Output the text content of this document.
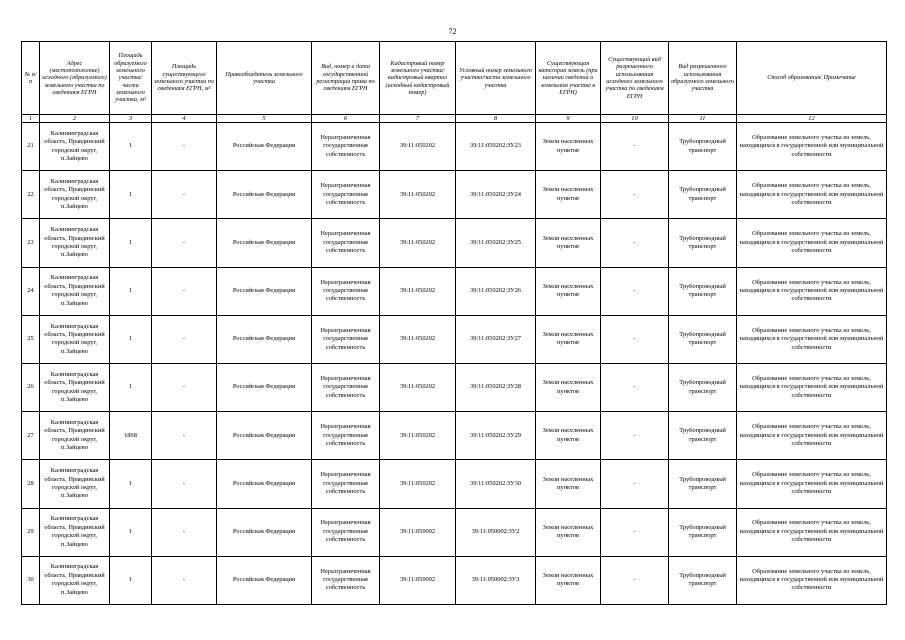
72
№ п/п	Адрес (местоположение) исходного (образуемого) земельного участка по сведениям ЕГРН	Площадь образуемого земельного участка/части земельного участка, м²	Площадь существующего земельного участка по сведениям ЕГРН, м²	Правообладатель земельного участка	Вид, номер и дата государственной регистрации права по сведениям ЕГРН	Кадастровый номер земельного участка/ кадастровый квартал (исходный кадастровый номер)	Условный номер земельного участка/части земельного участка	Существующая категория земель (при наличии сведений о земельном участке в ЕГРН)	Существующий вид разрешенного использования исходного земельного участка по сведениям ЕГРН	Вид разрешенного использования образуемого земельного участка	Способ образования/ Примечание
1	2	3	4	5	6	7	8	9	10	11	12
21	Калининградская область, Правдинский городской округ, п.Зайцево	1	-	Российская Федерация	Неразграниченная государственная собственность	39:11:050202	39:11:050202:ЗУ23	Земли населенных пунктов	-	Трубопроводный транспорт	Образование земельного участка из земель, находящихся в государственной или муниципальной собственности
22	Калининградская область, Правдинский городской округ, п.Зайцево	1	-	Российская Федерация	Неразграниченная государственная собственность	39:11:050202	39:11:050202:ЗУ24	Земли населенных пунктов	-	Трубопроводный транспорт	Образование земельного участка из земель, находящихся в государственной или муниципальной собственности
23	Калининградская область, Правдинский городской округ, п.Зайцево	1	-	Российская Федерация	Неразграниченная государственная собственность	39:11:050202	39:11:050202:ЗУ25	Земли населенных пунктов	-	Трубопроводный транспорт	Образование земельного участка из земель, находящихся в государственной или муниципальной собственности
24	Калининградская область, Правдинский городской округ, п.Зайцево	1	-	Российская Федерация	Неразграниченная государственная собственность	39:11:050202	39:11:050202:ЗУ26	Земли населенных пунктов	-	Трубопроводный транспорт	Образование земельного участка из земель, находящихся в государственной или муниципальной собственности
25	Калининградская область, Правдинский городской округ, п.Зайцево	1	-	Российская Федерация	Неразграниченная государственная собственность	39:11:050202	39:11:050202:ЗУ27	Земли населенных пунктов	-	Трубопроводный транспорт	Образование земельного участка из земель, находящихся в государственной или муниципальной собственности
26	Калининградская область, Правдинский городской округ, п.Зайцево	1	-	Российская Федерация	Неразграниченная государственная собственность	39:11:050202	39:11:050202:ЗУ28	Земли населенных пунктов	-	Трубопроводный транспорт	Образование земельного участка из земель, находящихся в государственной или муниципальной собственности
27	Калининградская область, Правдинский городской округ, п.Зайцево	1868	-	Российская Федерация	Неразграниченная государственная собственность	39:11:050202	39:11:050202:ЗУ29	Земли населенных пунктов	-	Трубопроводный транспорт	Образование земельного участка из земель, находящихся в государственной или муниципальной собственности
28	Калининградская область, Правдинский городской округ, п.Зайцево	1	-	Российская Федерация	Неразграниченная государственная собственность	39:11:050202	39:11:050202:ЗУ30	Земли населенных пунктов	-	Трубопроводный транспорт	Образование земельного участка из земель, находящихся в государственной или муниципальной собственности
29	Калининградская область, Правдинский городской округ, п.Зайцево	1	-	Российская Федерация	Неразграниченная государственная собственность	39:11:050002	39:11:050002:ЗУ2	Земли населенных пунктов	-	Трубопроводный транспорт	Образование земельного участка из земель, находящихся в государственной или муниципальной собственности
30	Калининградская область, Правдинский городской округ, п.Зайцево	1	-	Российская Федерация	Неразграниченная государственная собственность	39:11:050002	39:11:050002:ЗУ3	Земли населенных пунктов	-	Трубопроводный транспорт	Образование земельного участка из земель, находящихся в государственной или муниципальной собственности
